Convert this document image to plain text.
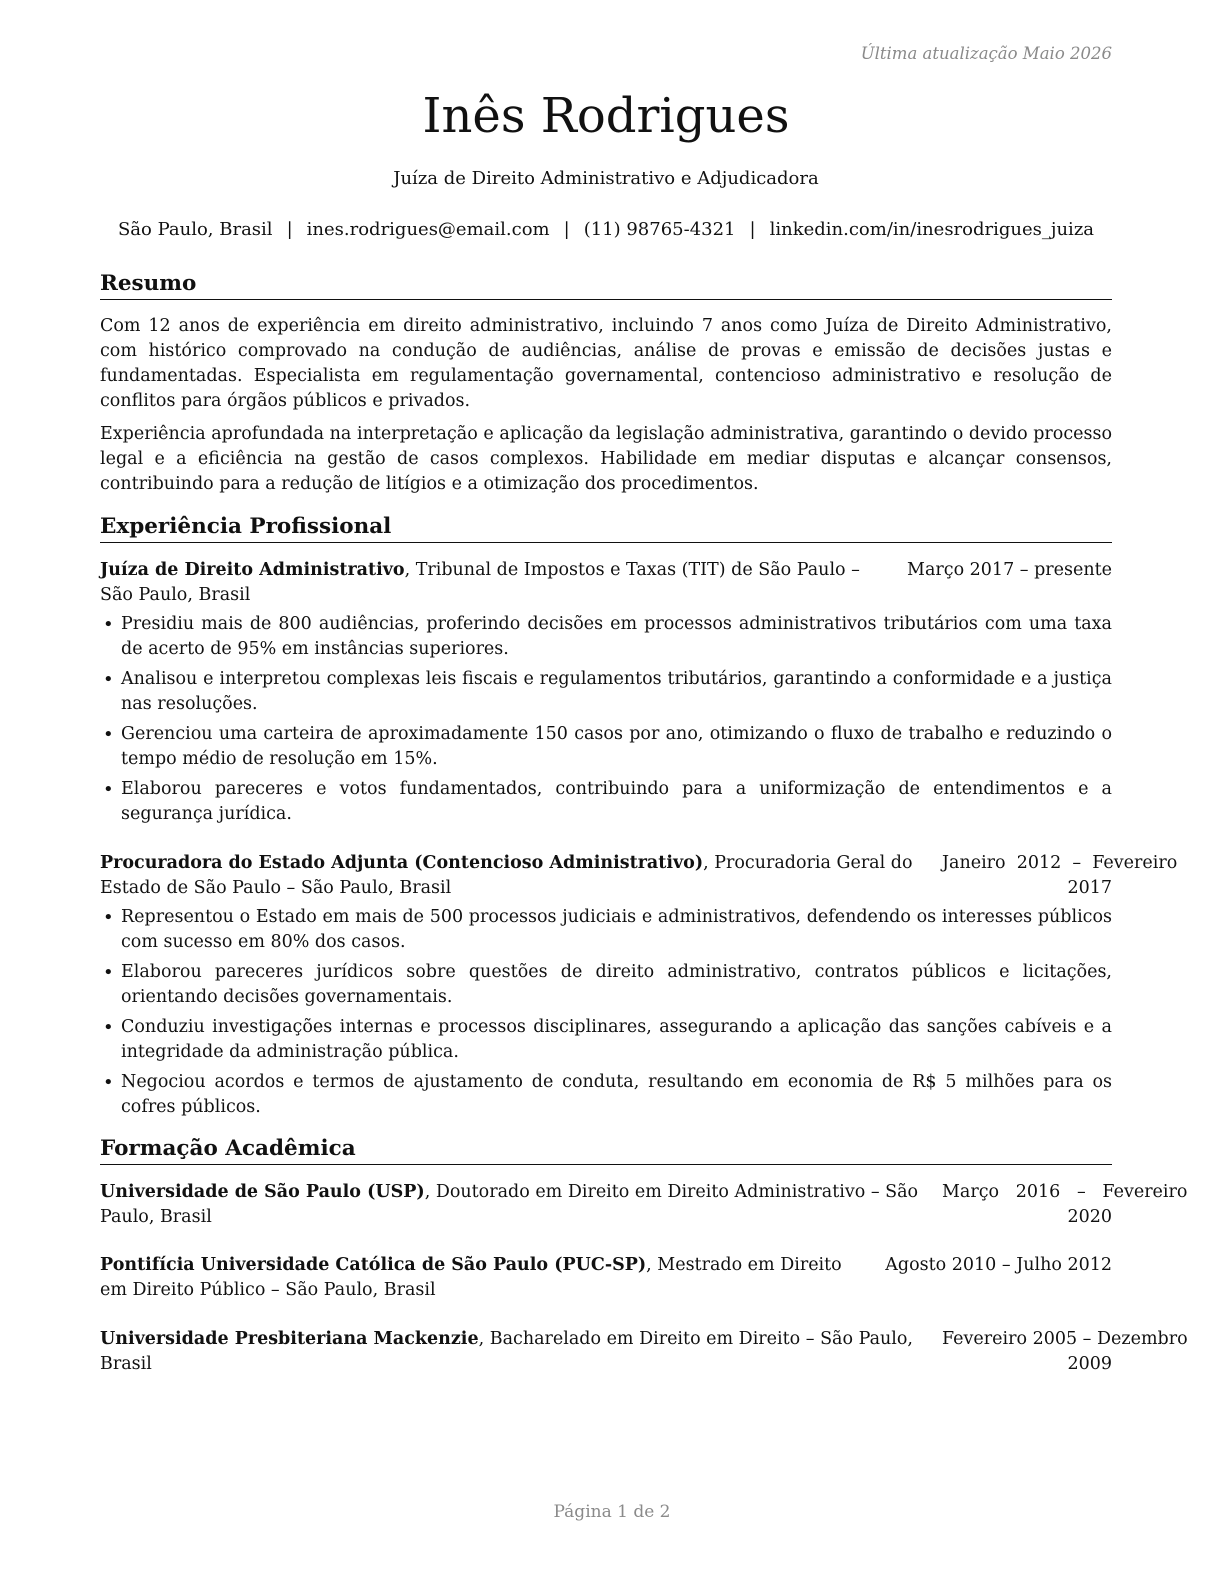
Última atualização Maio 2026
Inês Rodrigues
Juíza de Direito Administrativo e Adjudicadora
São Paulo, Brasil | ines.rodrigues@email.com | (11) 98765-4321 | linkedin.com/in/inesrodrigues_juiza
Resumo

Com 12 anos de experiência em direito administrativo, incluindo 7 anos como Juíza de Direito Administrativo, com histórico comprovado na condução de audiências, análise de provas e emissão de decisões justas e fundamentadas. Especialista em regulamentação governamental, contencioso administrativo e resolução de conflitos para órgãos públicos e privados.

Experiência aprofundada na interpretação e aplicação da legislação administrativa, garantindo o devido processo legal e a eficiência na gestão de casos complexos. Habilidade em mediar disputas e alcançar consensos, contribuindo para a redução de litígios e a otimização dos procedimentos.

Experiência Profissional
Juíza de Direito Administrativo, Tribunal de Impostos e Taxas (TIT) de São Paulo – São Paulo, Brasil
Março 2017 – presente
• Presidiu mais de 800 audiências, proferindo decisões em processos administrativos tributários com uma taxa de acerto de 95% em instâncias superiores.
• Analisou e interpretou complexas leis fiscais e regulamentos tributários, garantindo a conformidade e a justiça nas resoluções.
• Gerenciou uma carteira de aproximadamente 150 casos por ano, otimizando o fluxo de trabalho e reduzindo o tempo médio de resolução em 15%.
• Elaborou pareceres e votos fundamentados, contribuindo para a uniformização de entendimentos e a segurança jurídica.
Procuradora do Estado Adjunta (Contencioso Administrativo), Procuradoria Geral do Estado de São Paulo – São Paulo, Brasil
Janeiro  2012  –  Fevereiro
2017
• Representou o Estado em mais de 500 processos judiciais e administrativos, defendendo os interesses públicos com sucesso em 80% dos casos.
• Elaborou pareceres jurídicos sobre questões de direito administrativo, contratos públicos e licitações, orientando decisões governamentais.
• Conduziu investigações internas e processos disciplinares, assegurando a aplicação das sanções cabíveis e a integridade da administração pública.
• Negociou acordos e termos de ajustamento de conduta, resultando em economia de R$ 5 milhões para os cofres públicos.
Formação Acadêmica
Universidade de São Paulo (USP), Doutorado em Direito em Direito Administrativo – São Paulo, Brasil
Março   2016   –   Fevereiro
2020
Pontifícia Universidade Católica de São Paulo (PUC-SP), Mestrado em Direito em Direito Público – São Paulo, Brasil
Agosto 2010 – Julho 2012
Universidade Presbiteriana Mackenzie, Bacharelado em Direito em Direito – São Paulo, Brasil
Fevereiro 2005 – Dezembro
2009
Página 1 de 2
